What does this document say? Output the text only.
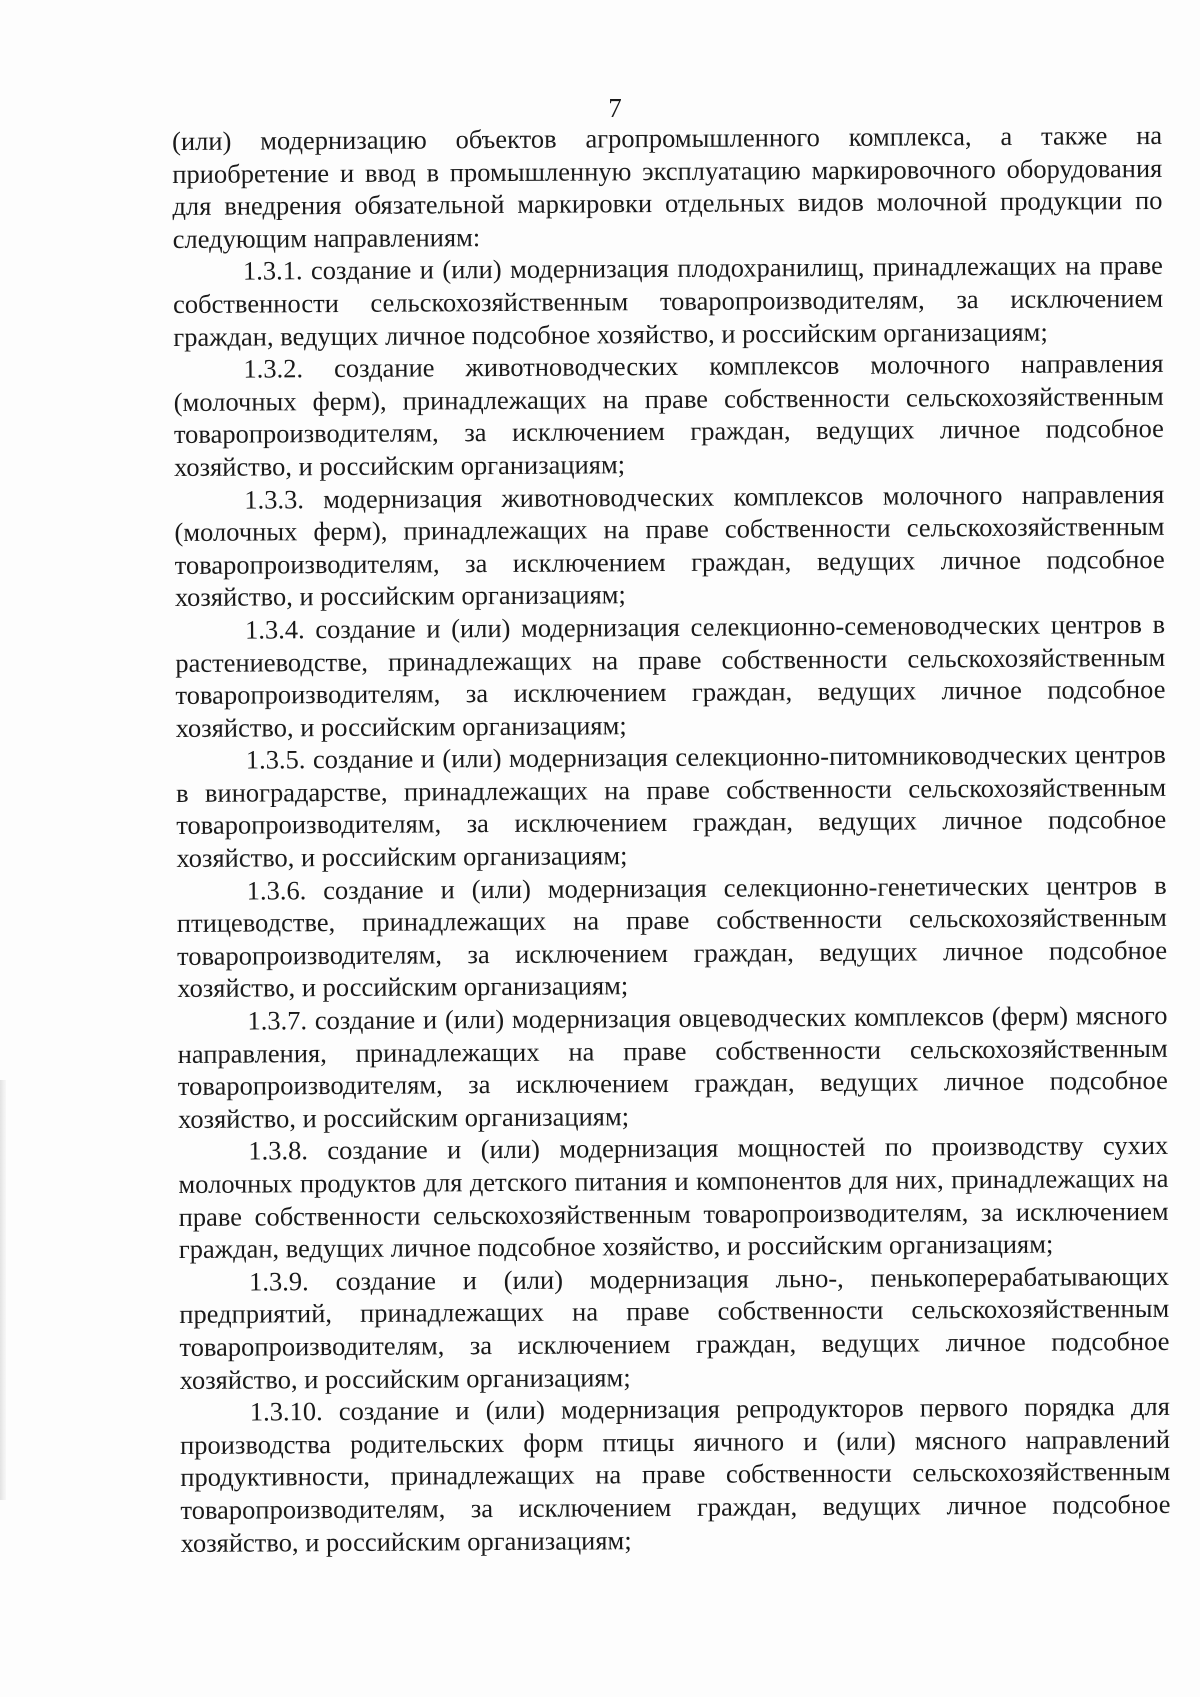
7

(или) модернизацию объектов агропромышленного комплекса, а также на приобретение и ввод в промышленную эксплуатацию маркировочного оборудования для внедрения обязательной маркировки отдельных видов молочной продукции по следующим направлениям:

1.3.1. создание и (или) модернизация плодохранилищ, принадлежащих на праве собственности сельскохозяйственным товаропроизводителям, за исключением граждан, ведущих личное подсобное хозяйство, и российским организациям;

1.3.2. создание животноводческих комплексов молочного направления (молочных ферм), принадлежащих на праве собственности сельскохозяйственным товаропроизводителям, за исключением граждан, ведущих личное подсобное хозяйство, и российским организациям;

1.3.3. модернизация животноводческих комплексов молочного направления (молочных ферм), принадлежащих на праве собственности сельскохозяйственным товаропроизводителям, за исключением граждан, ведущих личное подсобное хозяйство, и российским организациям;

1.3.4. создание и (или) модернизация селекционно-семеноводческих центров в растениеводстве, принадлежащих на праве собственности сельскохозяйственным товаропроизводителям, за исключением граждан, ведущих личное подсобное хозяйство, и российским организациям;

1.3.5. создание и (или) модернизация селекционно-питомниководческих центров в виноградарстве, принадлежащих на праве собственности сельскохозяйственным товаропроизводителям, за исключением граждан, ведущих личное подсобное хозяйство, и российским организациям;

1.3.6. создание и (или) модернизация селекционно-генетических центров в птицеводстве, принадлежащих на праве собственности сельскохозяйственным товаропроизводителям, за исключением граждан, ведущих личное подсобное хозяйство, и российским организациям;

1.3.7. создание и (или) модернизация овцеводческих комплексов (ферм) мясного направления, принадлежащих на праве собственности сельскохозяйственным товаропроизводителям, за исключением граждан, ведущих личное подсобное хозяйство, и российским организациям;

1.3.8. создание и (или) модернизация мощностей по производству сухих молочных продуктов для детского питания и компонентов для них, принадлежащих на праве собственности сельскохозяйственным товаропроизводителям, за исключением граждан, ведущих личное подсобное хозяйство, и российским организациям;

1.3.9. создание и (или) модернизация льно-, пенькоперерабатывающих предприятий, принадлежащих на праве собственности сельскохозяйственным товаропроизводителям, за исключением граждан, ведущих личное подсобное хозяйство, и российским организациям;

1.3.10. создание и (или) модернизация репродукторов первого порядка для производства родительских форм птицы яичного и (или) мясного направлений продуктивности, принадлежащих на праве собственности сельскохозяйственным товаропроизводителям, за исключением граждан, ведущих личное подсобное хозяйство, и российским организациям;
